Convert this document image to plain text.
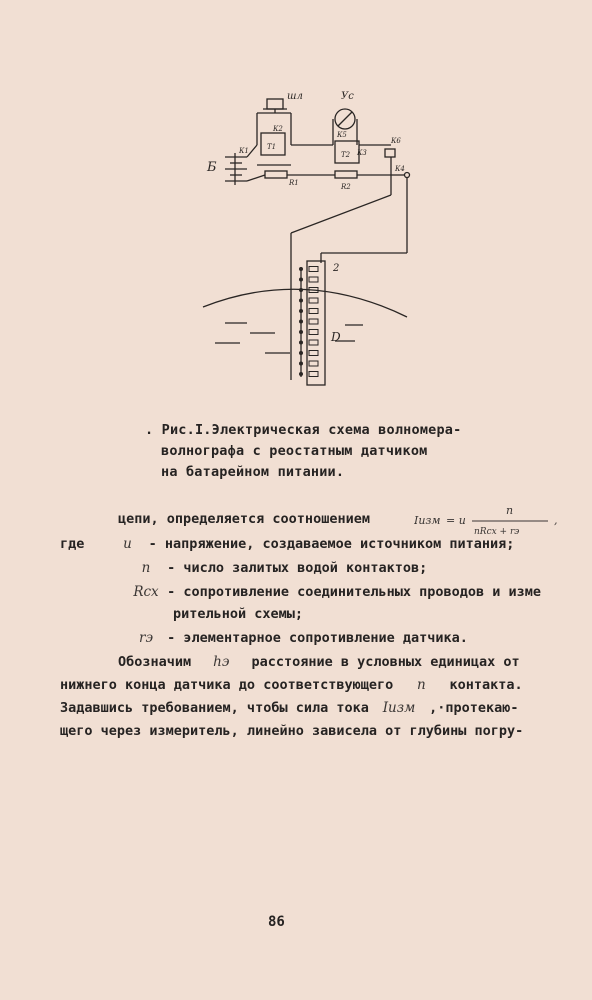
шл	Ус
Б
К1
К2
К3
К4
К5
К6
Т1
Т2
R1	R2
2
D
. Рис.I.Электрическая схема волномера-
волнографа с реостатным датчиком
на батарейном питании.
цепи, определяется соотношением	Iизм = u
n
nRсх + rэ
,
где	u - напряжение, создаваемое источником питания;
n - число залитых водой контактов;
Rсх - сопротивление соединительных проводов и изме
рительной схемы;
rэ - элементарное сопротивление датчика.
Обозначим hэ расстояние в условных единицах от
нижнего конца датчика до соответствующего n контакта.
Задавшись требованием, чтобы сила тока Iизм ,·протекаю-
щего через измеритель, линейно зависела от глубины погру-
86
